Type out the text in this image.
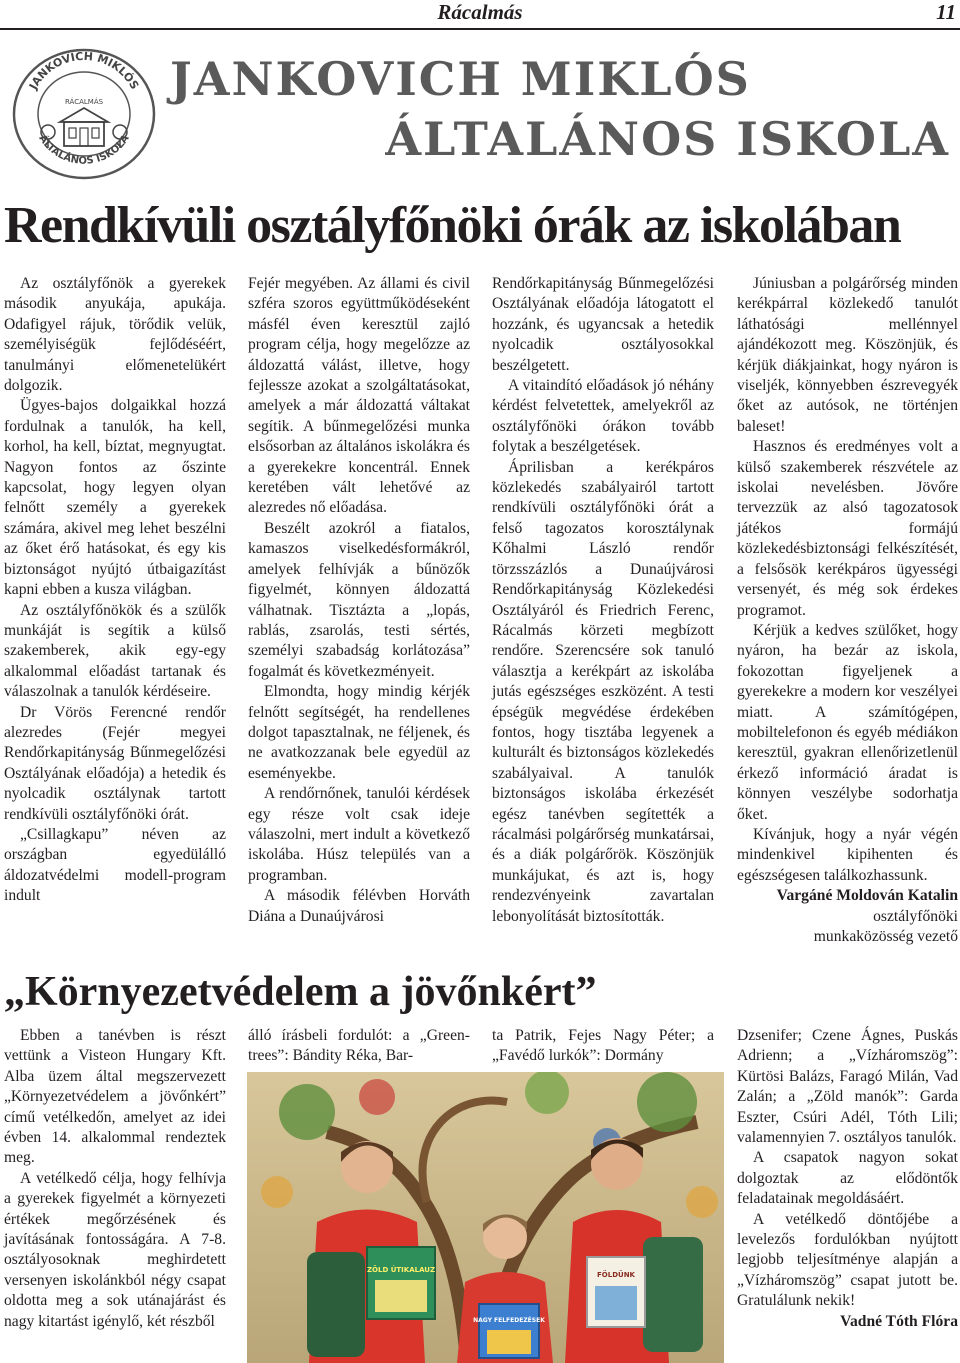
Rácalmás	11
JANKOVICH MIKLÓS
ÁLTALÁNOS ISKOLA
RÁCALMÁS JANKOVICH MIKLÓS
ÁLTALÁNOS ISKOLA
Rendkívüli osztályfőnöki órák az iskolában

Az osztályfőnök a gyerekek második anyukája, apukája. Odafigyel rájuk, törődik velük, személyiségük fejlődéséért, tanulmányi előmenetelükért dolgozik.

Ügyes-bajos dolgaikkal hozzá fordulnak a tanulók, ha kell, korhol, ha kell, bíztat, megnyugtat. Nagyon fontos az őszinte kapcsolat, hogy legyen olyan felnőtt személy a gyerekek számára, akivel meg lehet beszélni az őket érő hatásokat, és egy kis biztonságot nyújtó útbaigazítást kapni ebben a kusza világban.

Az osztályfőnökök és a szülők munkáját is segítik a külső szakemberek, akik egy-egy alkalommal előadást tartanak és válaszolnak a tanulók kérdéseire.

Dr Vörös Ferencné rendőr alezredes (Fejér megyei Rendőrkapitányság Bűnmegelőzési Osztályának előadója) a hetedik és nyolcadik osztálynak tartott rendkívüli osztályfőnöki órát.

„Csillagkapu” néven az országban egyedülálló áldozatvédelmi modell-program indult

Fejér megyében. Az állami és civil szféra szoros együttműködéseként másfél éven keresztül zajló program célja, hogy megelőzze az áldozattá válást, illetve, hogy fejlessze azokat a szolgáltatásokat, amelyek a már áldozattá váltakat segítik. A bűnmegelőzési munka elsősorban az általános iskolákra és a gyerekekre koncentrál. Ennek keretében vált lehetővé az alezredes nő előadása.

Beszélt azokról a fiatalos, kamaszos viselkedésformákról, amelyek felhívják a bűnözők figyelmét, könnyen áldozattá válhatnak. Tisztázta a „lopás, rablás, zsarolás, testi sértés, személyi szabadság korlátozása” fogalmát és következményeit.

Elmondta, hogy mindig kérjék felnőtt segítségét, ha rendellenes dolgot tapasztalnak, ne féljenek, és ne avatkozzanak bele egyedül az eseményekbe.

A rendőrnőnek, tanulói kérdések egy része volt csak ideje válaszolni, mert indult a következő iskolába. Húsz település van a programban.

A második félévben Horváth Diána a Dunaújvárosi

Rendőrkapitányság Bűnmegelőzési Osztályának előadója látogatott el hozzánk, és ugyancsak a hetedik nyolcadik osztályosokkal beszélgetett.

A vitaindító előadások jó néhány kérdést felvetettek, amelyekről az osztályfőnöki órákon tovább folytak a beszélgetések.

Áprilisban a kerékpáros közlekedés szabályairól tartott rendkívüli osztályfőnöki órát a felső tagozatos korosztálynak Kőhalmi László rendőr törzsszázlós a Dunaújvárosi Rendőrkapitányság Közlekedési Osztályáról és Friedrich Ferenc, Rácalmás körzeti megbízott rendőre. Szerencsére sok tanuló választja a kerékpárt az iskolába jutás egészséges eszközént. A testi épségük megvédése érdekében fontos, hogy tisztába legyenek a kulturált és biztonságos közlekedés szabályaival. A tanulók biztonságos iskolába érkezését egész tanévben segítették a rácalmási polgárőrség munkatársai, és a diák polgárőrök. Köszönjük munkájukat, és azt is, hogy rendezvényeink zavartalan lebonyolítását biztosították.

Júniusban a polgárőrség minden kerékpárral közlekedő tanulót láthatósági mellénnyel ajándékozott meg. Köszönjük, és kérjük diákjainkat, hogy nyáron is viseljék, könnyebben észrevegyék őket az autósok, ne történjen baleset!

Hasznos és eredményes volt a külső szakemberek részvétele az iskolai nevelésben. Jövőre tervezzük az alsó tagozatosok játékos formájú közlekedésbiztonsági felkészítését, a felsősök kerékpáros ügyességi versenyét, és még sok érdekes programot.

Kérjük a kedves szülőket, hogy nyáron, ha bezár az iskola, fokozottan figyeljenek a gyerekekre a modern kor veszélyei miatt. A számítógépen, mobiltelefonon és egyéb médiákon keresztül, gyakran ellenőrizetlenül érkező információ áradat is könnyen veszélybe sodorhatja őket.

Kívánjuk, hogy a nyár végén mindenkivel kipihenten és egészségesen találkozhassunk.

Vargáné Moldován Katalin

osztályfőnöki

munkaközösség vezető

„Környezetvédelem a jövőnkért”

Ebben a tanévben is részt vettünk a Visteon Hungary Kft. Alba üzem által megszervezett „Környezetvédelem a jövőnkért” című vetélkedőn, amelyet az idei évben 14. alkalommal rendeztek meg.

A vetélkedő célja, hogy felhívja a gyerekek figyelmét a környezeti értékek megőrzésének és javításának fontosságára. A 7-8. osztályosoknak meghirdetett versenyen iskolánkból négy csapat oldotta meg a sok utánajárást és nagy kitartást igénylő, két részből

álló írásbeli fordulót: a „Green-trees”: Bándity Réka, Bar-

ta Patrik, Fejes Nagy Péter; a „Favédő lurkók”: Dormány

Dzsenifer; Czene Ágnes, Puskás Adrienn; a „Vízháromszög”: Kürtösi Balázs, Faragó Milán, Vad Zalán; a „Zöld manók”: Garda Eszter, Csúri Adél, Tóth Lili; valamennyien 7. osztályos tanulók.

A csapatok nagyon sokat dolgoztak az elődöntők feladatainak megoldásáért.

A vetélkedő döntőjébe a levelezős fordulókban nyújtott legjobb teljesítménye alapján a „Vízháromszög” csapat jutott be. Gratulálunk nekik!

Vadné Tóth Flóra

ZÖLD ÚTIKALAUZ
NAGY FELFEDEZÉSEK
FÖLDÜNK
